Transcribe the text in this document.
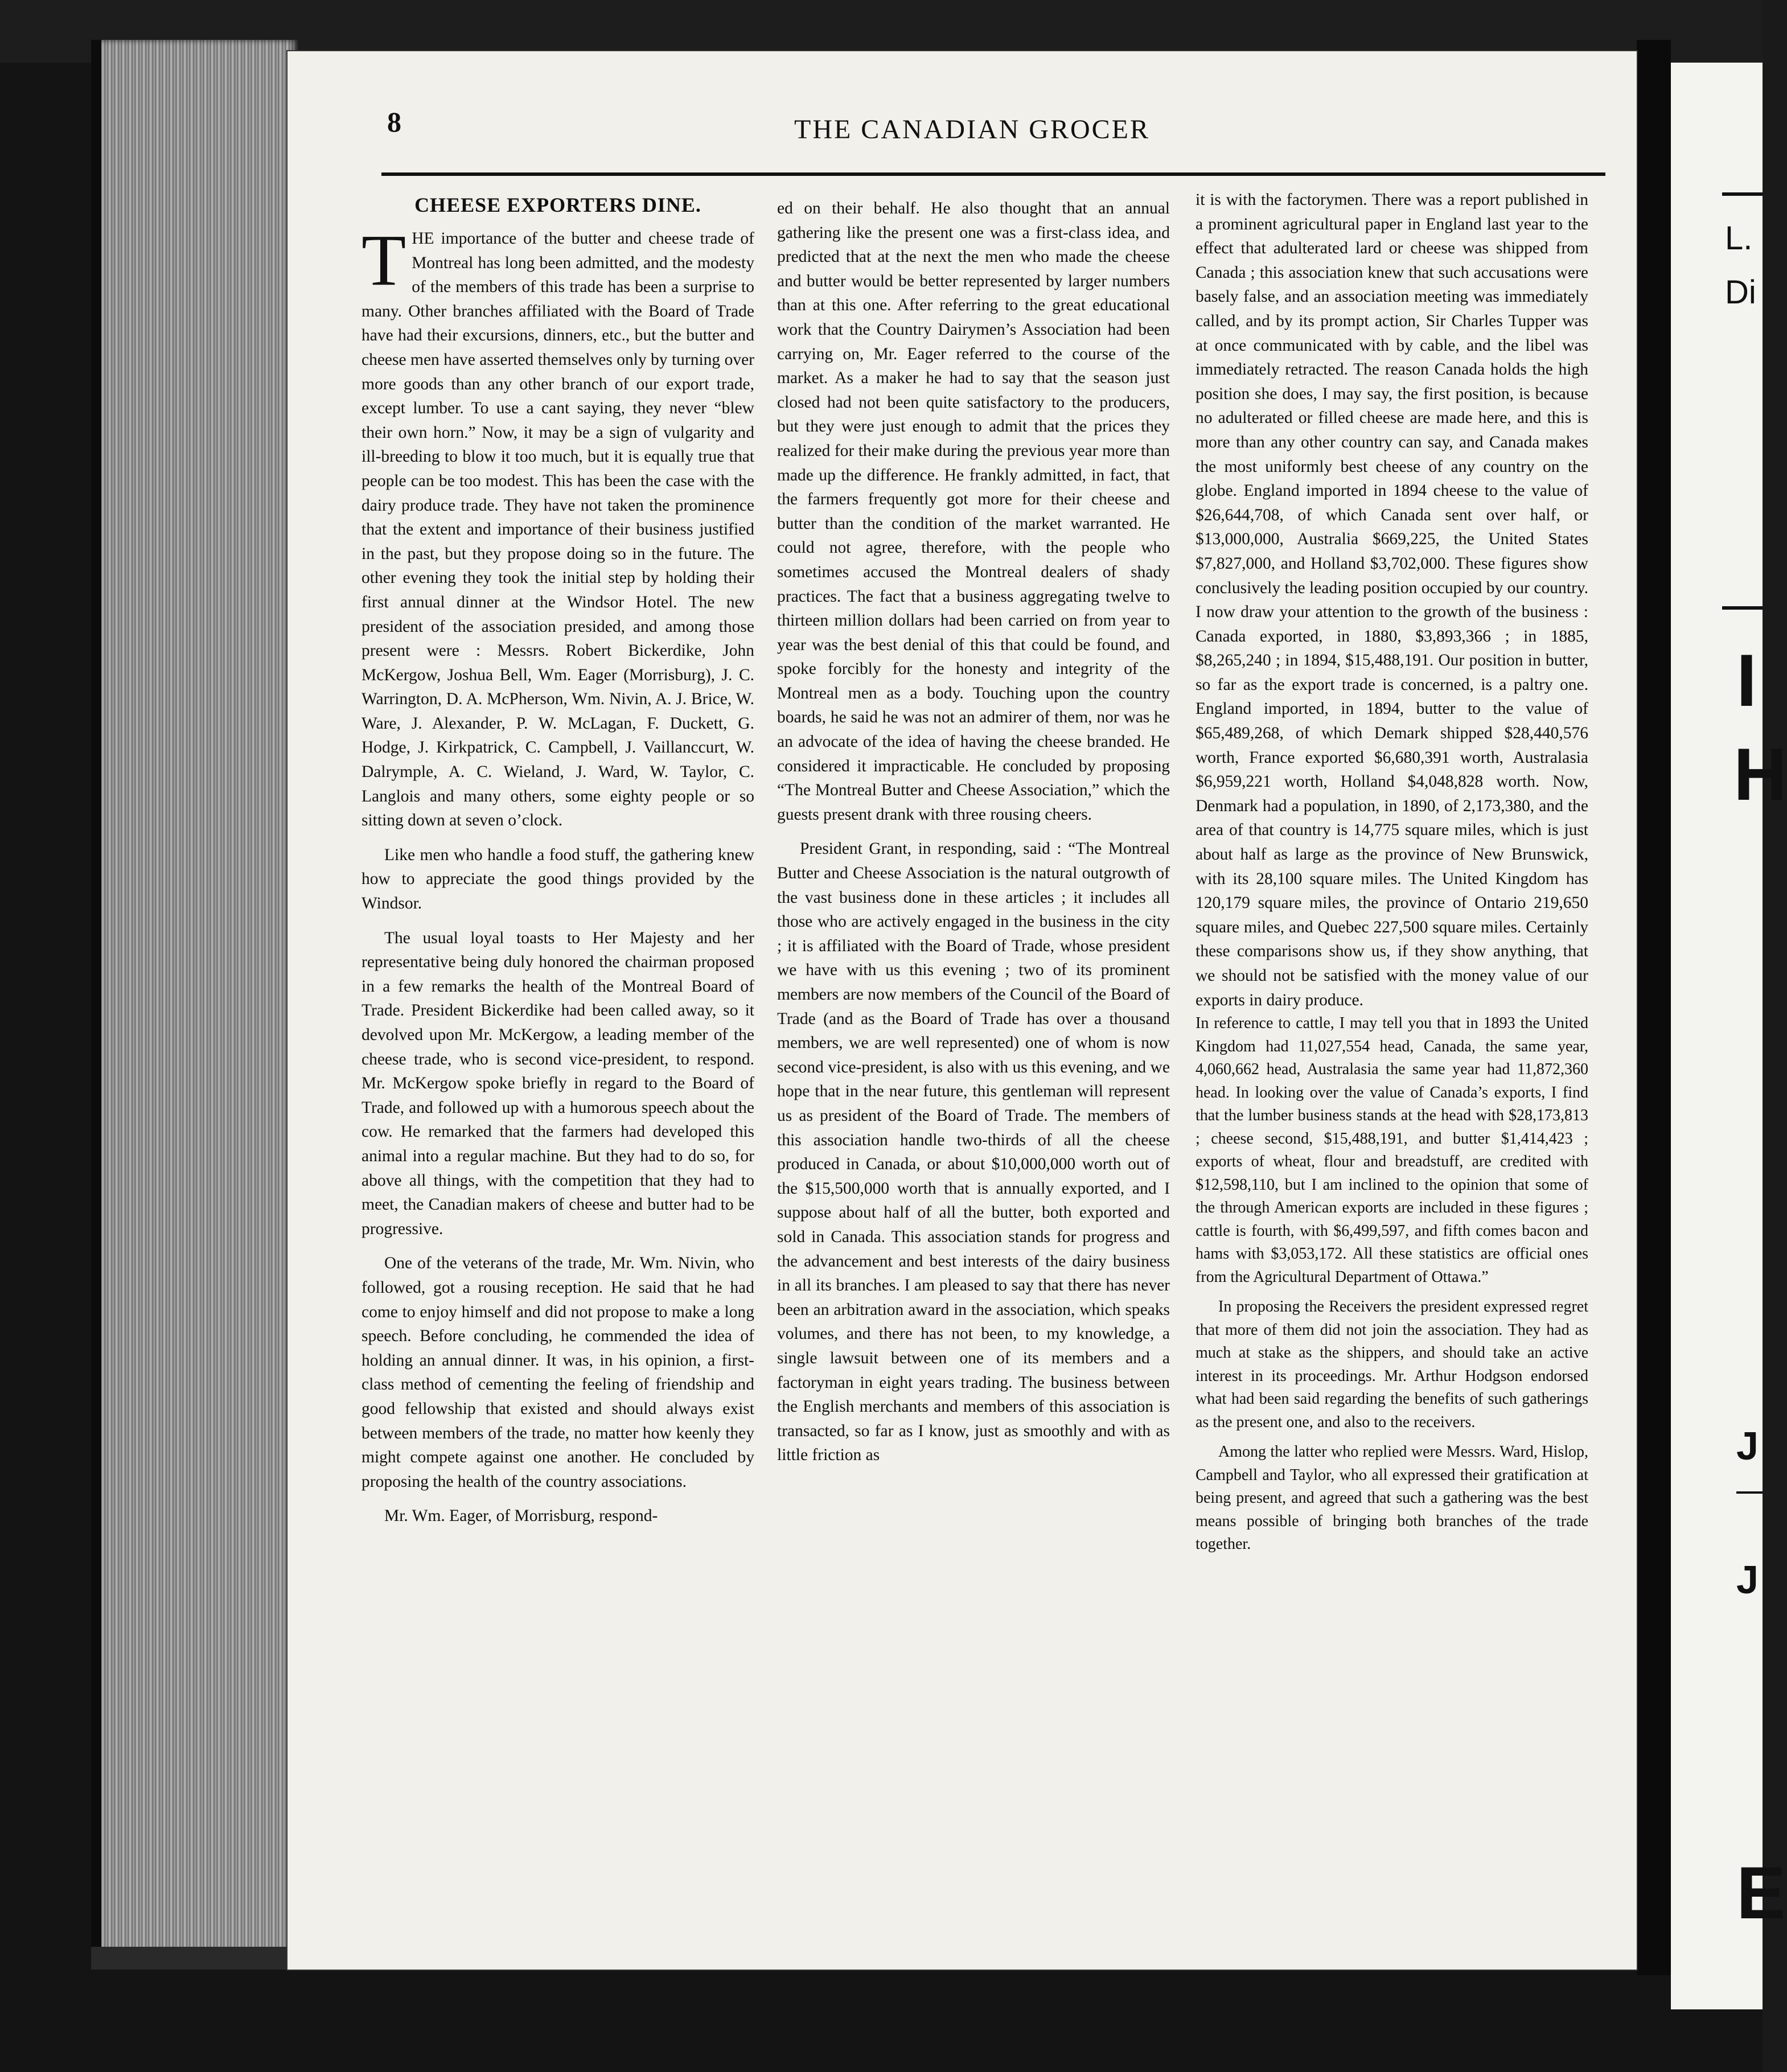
L.
Di
I
H
J
J
E
8	THE CANADIAN GROCER
CHEESE EXPORTERS DINE.

THE importance of the butter and cheese trade of Montreal has long been admitted, and the modesty of the members of this trade has been a surprise to many. Other branches affiliated with the Board of Trade have had their excursions, dinners, etc., but the butter and cheese men have asserted themselves only by turning over more goods than any other branch of our export trade, except lumber. To use a cant saying, they never “blew their own horn.” Now, it may be a sign of vulgarity and ill-breeding to blow it too much, but it is equally true that people can be too modest. This has been the case with the dairy produce trade. They have not taken the prominence that the extent and importance of their business justified in the past, but they propose doing so in the future. The other evening they took the initial step by holding their first annual dinner at the Windsor Hotel. The new president of the association presided, and among those present were : Messrs. Robert Bickerdike, John McKergow, Joshua Bell, Wm. Eager (Morrisburg), J. C. Warrington, D. A. McPherson, Wm. Nivin, A. J. Brice, W. Ware, J. Alexander, P. W. McLagan, F. Duckett, G. Hodge, J. Kirkpatrick, C. Campbell, J. Vaillanccurt, W. Dalrymple, A. C. Wieland, J. Ward, W. Taylor, C. Langlois and many others, some eighty people or so sitting down at seven o’clock.

Like men who handle a food stuff, the gathering knew how to appreciate the good things provided by the Windsor.

The usual loyal toasts to Her Majesty and her representative being duly honored the chairman proposed in a few remarks the health of the Montreal Board of Trade. President Bickerdike had been called away, so it devolved upon Mr. McKergow, a leading member of the cheese trade, who is second vice-president, to respond. Mr. McKergow spoke briefly in regard to the Board of Trade, and followed up with a humorous speech about the cow. He remarked that the farmers had developed this animal into a regular machine. But they had to do so, for above all things, with the competition that they had to meet, the Canadian makers of cheese and butter had to be progressive.

One of the veterans of the trade, Mr. Wm. Nivin, who followed, got a rousing reception. He said that he had come to enjoy himself and did not propose to make a long speech. Before concluding, he commended the idea of holding an annual dinner. It was, in his opinion, a first-class method of cementing the feeling of friendship and good fellowship that existed and should always exist between members of the trade, no matter how keenly they might compete against one another. He concluded by proposing the health of the country associations.

Mr. Wm. Eager, of Morrisburg, respond-

ed on their behalf. He also thought that an annual gathering like the present one was a first-class idea, and predicted that at the next the men who made the cheese and butter would be better represented by larger numbers than at this one. After referring to the great educational work that the Country Dairymen’s Association had been carrying on, Mr. Eager referred to the course of the market. As a maker he had to say that the season just closed had not been quite satisfactory to the producers, but they were just enough to admit that the prices they realized for their make during the previous year more than made up the difference. He frankly admitted, in fact, that the farmers frequently got more for their cheese and butter than the condition of the market warranted. He could not agree, therefore, with the people who sometimes accused the Montreal dealers of shady practices. The fact that a business aggregating twelve to thirteen million dollars had been carried on from year to year was the best denial of this that could be found, and spoke forcibly for the honesty and integrity of the Montreal men as a body. Touching upon the country boards, he said he was not an admirer of them, nor was he an advocate of the idea of having the cheese branded. He considered it impracticable. He concluded by proposing “The Montreal Butter and Cheese Association,” which the guests present drank with three rousing cheers.

President Grant, in responding, said : “The Montreal Butter and Cheese Association is the natural outgrowth of the vast business done in these articles ; it includes all those who are actively engaged in the business in the city ; it is affiliated with the Board of Trade, whose president we have with us this evening ; two of its prominent members are now members of the Council of the Board of Trade (and as the Board of Trade has over a thousand members, we are well represented) one of whom is now second vice-president, is also with us this evening, and we hope that in the near future, this gentleman will represent us as president of the Board of Trade. The members of this association handle two-thirds of all the cheese produced in Canada, or about $10,000,000 worth out of the $15,500,000 worth that is annually exported, and I suppose about half of all the butter, both exported and sold in Canada. This association stands for progress and the advancement and best interests of the dairy business in all its branches. I am pleased to say that there has never been an arbitration award in the association, which speaks volumes, and there has not been, to my knowledge, a single lawsuit between one of its members and a factoryman in eight years trading. The business between the English merchants and members of this association is transacted, so far as I know, just as smoothly and with as little friction as

it is with the factorymen. There was a report published in a prominent agricultural paper in England last year to the effect that adulterated lard or cheese was shipped from Canada ; this association knew that such accusations were basely false, and an association meeting was immediately called, and by its prompt action, Sir Charles Tupper was at once communicated with by cable, and the libel was immediately retracted. The reason Canada holds the high position she does, I may say, the first position, is because no adulterated or filled cheese are made here, and this is more than any other country can say, and Canada makes the most uniformly best cheese of any country on the globe. England imported in 1894 cheese to the value of $26,644,708, of which Canada sent over half, or $13,000,000, Australia $669,225, the United States $7,827,000, and Holland $3,702,000. These figures show conclusively the leading position occupied by our country. I now draw your attention to the growth of the business : Canada exported, in 1880, $3,893,366 ; in 1885, $8,265,240 ; in 1894, $15,488,191. Our position in butter, so far as the export trade is concerned, is a paltry one. England imported, in 1894, butter to the value of $65,489,268, of which Demark shipped $28,440,576 worth, France exported $6,680,391 worth, Australasia $6,959,221 worth, Holland $4,048,828 worth. Now, Denmark had a population, in 1890, of 2,173,380, and the area of that country is 14,775 square miles, which is just about half as large as the province of New Brunswick, with its 28,100 square miles. The United Kingdom has 120,179 square miles, the province of Ontario 219,650 square miles, and Quebec 227,500 square miles. Certainly these comparisons show us, if they show anything, that we should not be satisfied with the money value of our exports in dairy produce.

In reference to cattle, I may tell you that in 1893 the United Kingdom had 11,027,554 head, Canada, the same year, 4,060,662 head, Australasia the same year had 11,872,360 head. In looking over the value of Canada’s exports, I find that the lumber business stands at the head with $28,173,813 ; cheese second, $15,488,191, and butter $1,414,423 ; exports of wheat, flour and breadstuff, are credited with $12,598,110, but I am inclined to the opinion that some of the through American exports are included in these figures ; cattle is fourth, with $6,499,597, and fifth comes bacon and hams with $3,053,172. All these statistics are official ones from the Agricultural Department of Ottawa.”

In proposing the Receivers the president expressed regret that more of them did not join the association. They had as much at stake as the shippers, and should take an active interest in its proceedings. Mr. Arthur Hodgson endorsed what had been said regarding the benefits of such gatherings as the present one, and also to the receivers.

Among the latter who replied were Messrs. Ward, Hislop, Campbell and Taylor, who all expressed their gratification at being present, and agreed that such a gathering was the best means possible of bringing both branches of the trade together.
